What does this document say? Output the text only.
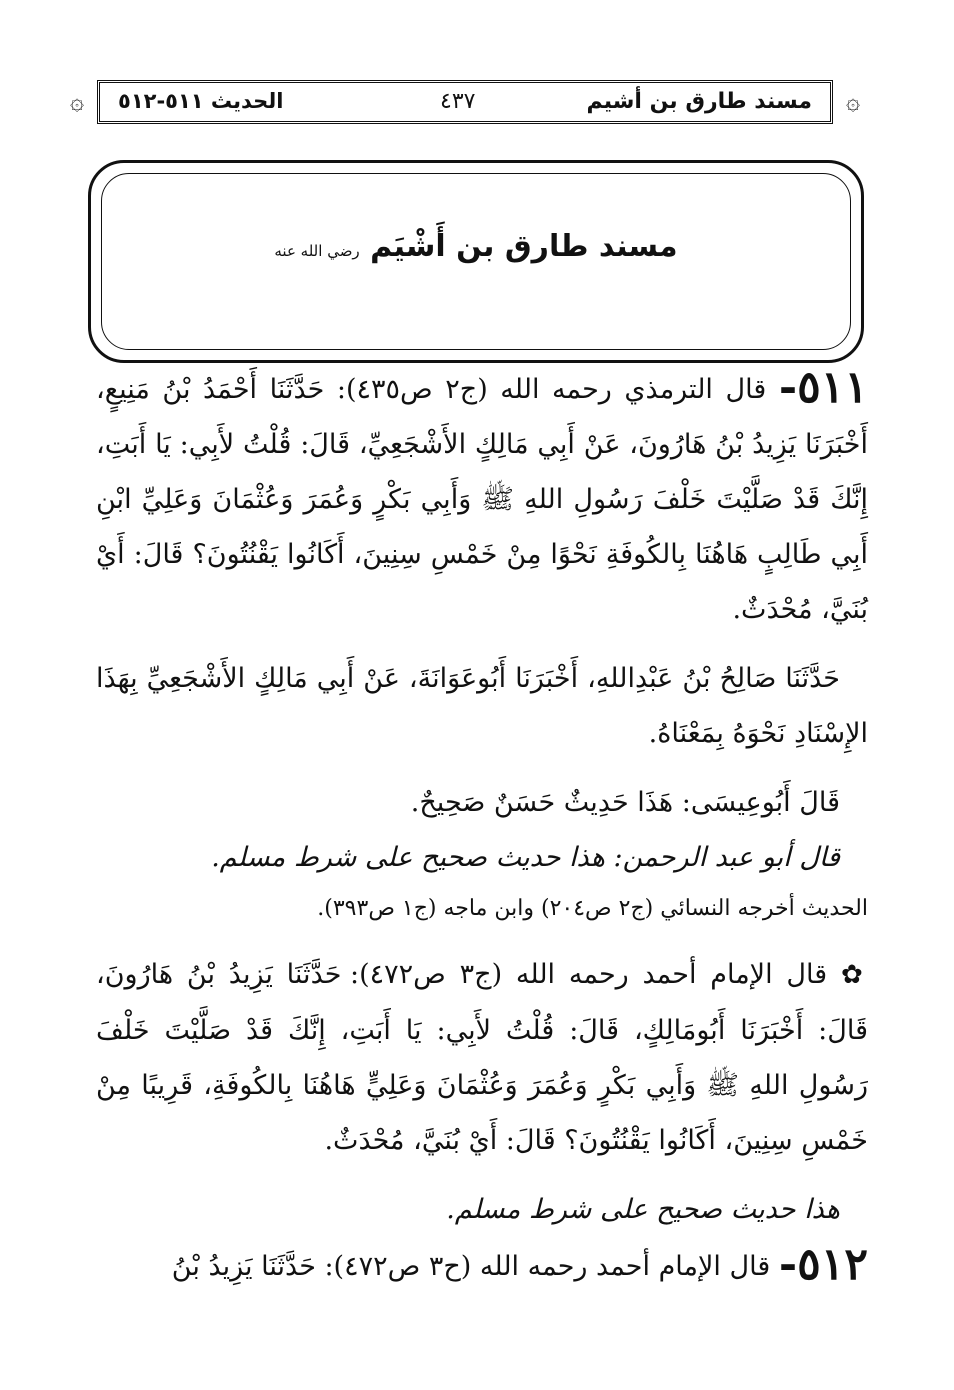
۞ الحديث ٥١١-٥١٢	٤٣٧	مسند طارق بن أشيم ۞
مسند طارق بن أَشْيَم رضي الله عنه

٥١١- قال الترمذي رحمه الله (ج٢ ص٤٣٥): حَدَّثَنَا أَحْمَدُ بْنُ مَنِيعٍ، أَخْبَرَنَا يَزِيدُ بْنُ هَارُونَ، عَنْ أَبِي مَالِكٍ الأَشْجَعِيِّ، قَالَ: قُلْتُ لأَبِي: يَا أَبَتِ، إِنَّكَ قَدْ صَلَّيْتَ خَلْفَ رَسُولِ اللهِ ﷺ وَأَبِي بَكْرٍ وَعُمَرَ وَعُثْمَانَ وَعَلِيِّ ابْنِ أَبِي طَالِبٍ هَاهُنَا بِالكُوفَةِ نَحْوًا مِنْ خَمْسِ سِنِينَ، أَكَانُوا يَقْنُتُونَ؟ قَالَ: أَيْ بُنَيَّ، مُحْدَثٌ.

حَدَّثَنَا صَالِحُ بْنُ عَبْدِاللهِ، أَخْبَرَنَا أَبُوعَوَانَةَ، عَنْ أَبِي مَالِكٍ الأَشْجَعِيِّ بِهَذَا الإِسْنَادِ نَحْوَهُ بِمَعْنَاهُ.

قَالَ أَبُوعِيسَى: هَذَا حَدِيثٌ حَسَنٌ صَحِيحٌ.

قال أبو عبد الرحمن: هذا حديث صحيح على شرط مسلم.

الحديث أخرجه النسائي (ج٢ ص٢٠٤) وابن ماجه (ج١ ص٣٩٣).

✿ قال الإمام أحمد رحمه الله (ج٣ ص٤٧٢): حَدَّثَنَا يَزِيدُ بْنُ هَارُونَ، قَالَ: أَخْبَرَنَا أَبُومَالِكٍ، قَالَ: قُلْتُ لأَبِي: يَا أَبَتِ، إِنَّكَ قَدْ صَلَّيْتَ خَلْفَ رَسُولِ اللهِ ﷺ وَأَبِي بَكْرٍ وَعُمَرَ وَعُثْمَانَ وَعَلِيٍّ هَاهُنَا بِالكُوفَةِ، قَرِيبًا مِنْ خَمْسِ سِنِينَ، أَكَانُوا يَقْنُتُونَ؟ قَالَ: أَيْ بُنَيَّ، مُحْدَثٌ.

هذا حديث صحيح على شرط مسلم.

٥١٢- قال الإمام أحمد رحمه الله (ح٣ ص٤٧٢): حَدَّثَنَا يَزِيدُ بْنُ
